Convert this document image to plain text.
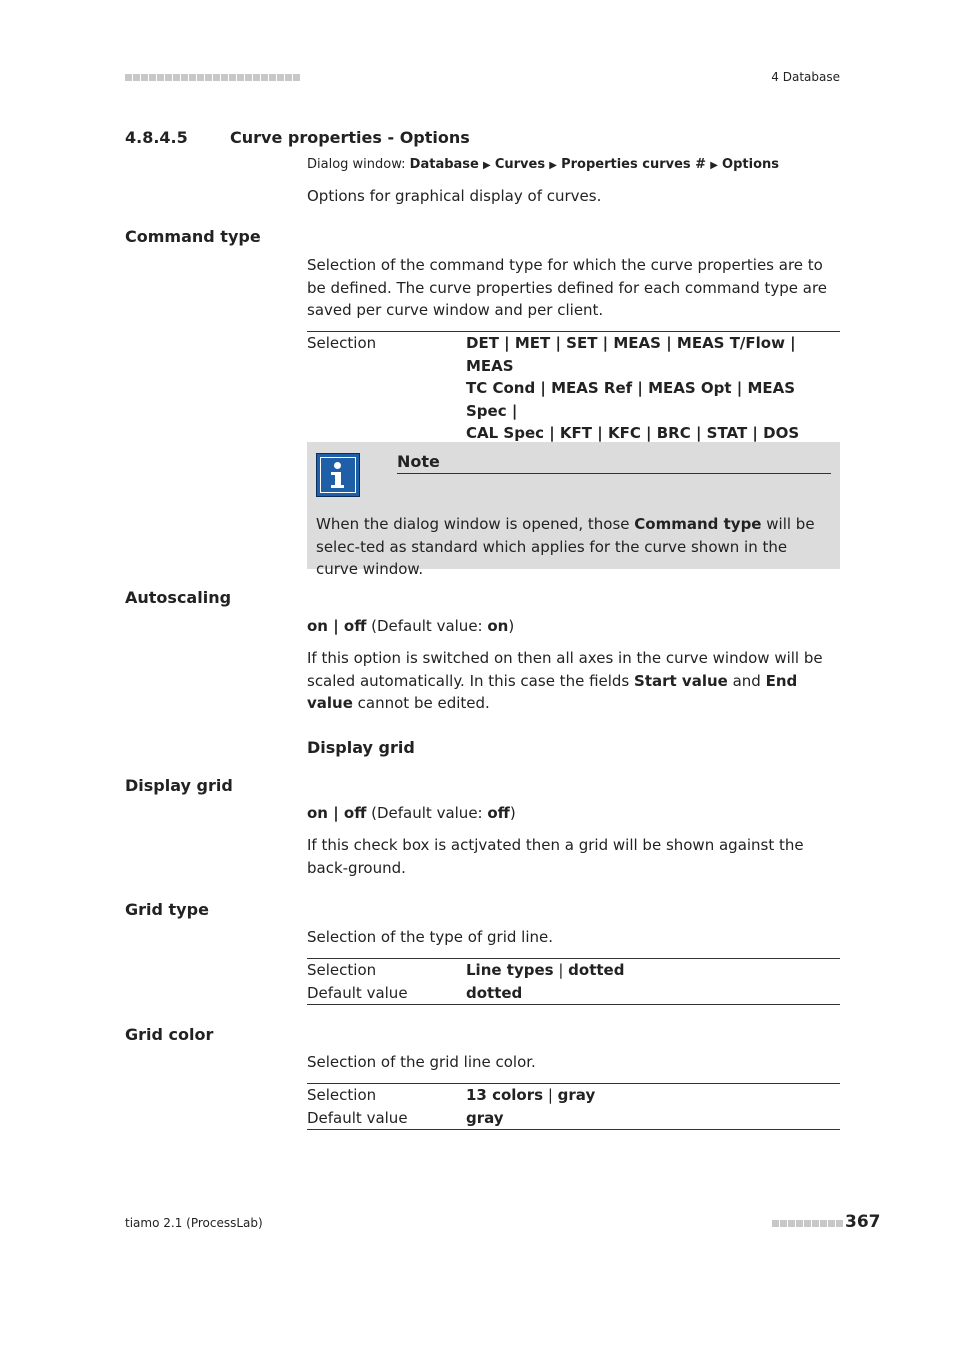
4 Database
4.8.4.5	Curve properties - Options
Dialog window: Database ▶ Curves ▶ Properties curves # ▶ Options
Options for graphical display of curves.
Command type
Selection of the command type for which the curve properties are to be defined. The curve properties defined for each command type are saved per curve window and per client.
Selection	DET | MET | SET | MEAS | MEAS T/Flow | MEAS
TC Cond | MEAS Ref | MEAS Opt | MEAS Spec |
CAL Spec | KFT | KFC | BRC | STAT | DOS
Note
When the dialog window is opened, those Command type will be selec-ted as standard which applies for the curve shown in the curve window.
Autoscaling
on | off (Default value: on)
If this option is switched on then all axes in the curve window will be scaled automatically. In this case the fields Start value and End value cannot be edited.
Display grid
Display grid
on | off (Default value: off)
If this check box is actjvated then a grid will be shown against the back-ground.
Grid type
Selection of the type of grid line.
Selection	Line types | dotted
Default value	dotted
Grid color
Selection of the grid line color.
Selection	13 colors | gray
Default value	gray
tiamo 2.1 (ProcessLab)	367
